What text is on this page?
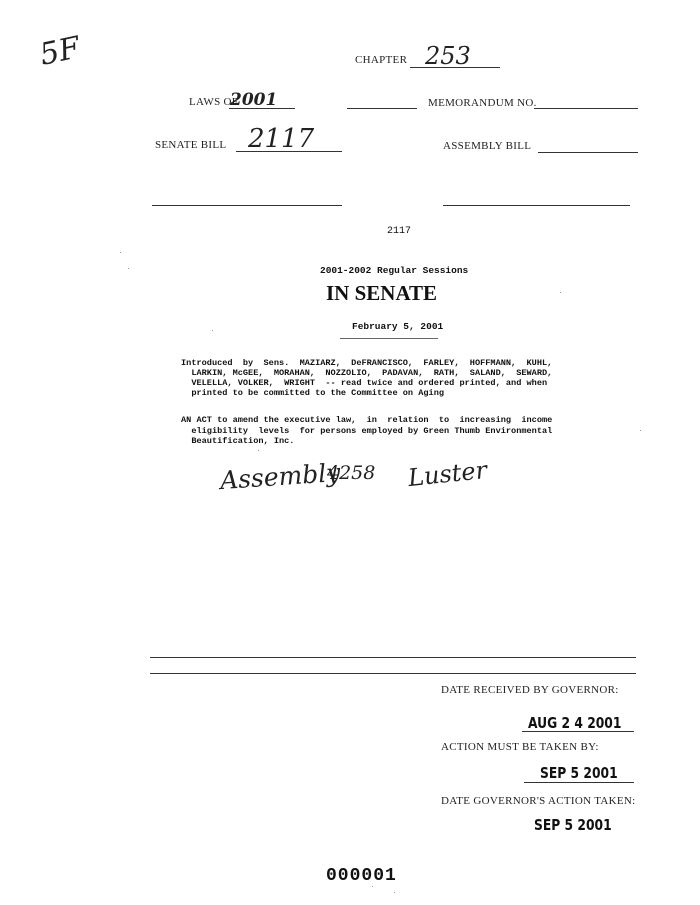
5F	CHAPTER 253
LAWS OF
2001	MEMORANDUM NO.
SENATE BILL 2117	ASSEMBLY BILL
2117
2001-2002 Regular Sessions
IN SENATE
February 5, 2001
Introduced  by  Sens.  MAZIARZ,  DeFRANCISCO,  FARLEY,  HOFFMANN,  KUHL,
LARKIN, McGEE,  MORAHAN,  NOZZOLIO,  PADAVAN,  RATH,  SALAND,  SEWARD,
VELELLA, VOLKER,  WRIGHT  -- read twice and ordered printed, and when
printed to be committed to the Committee on Aging
AN ACT to amend the executive law,  in  relation  to  increasing  income
eligibility  levels  for persons employed by Green Thumb Environmental
Beautification, Inc.
Assembly
4258 Luster
DATE RECEIVED BY GOVERNOR:
AUG 2 4 2001
ACTION MUST BE TAKEN BY:
SEP 5 2001
DATE GOVERNOR'S ACTION TAKEN:
SEP 5 2001
000001
